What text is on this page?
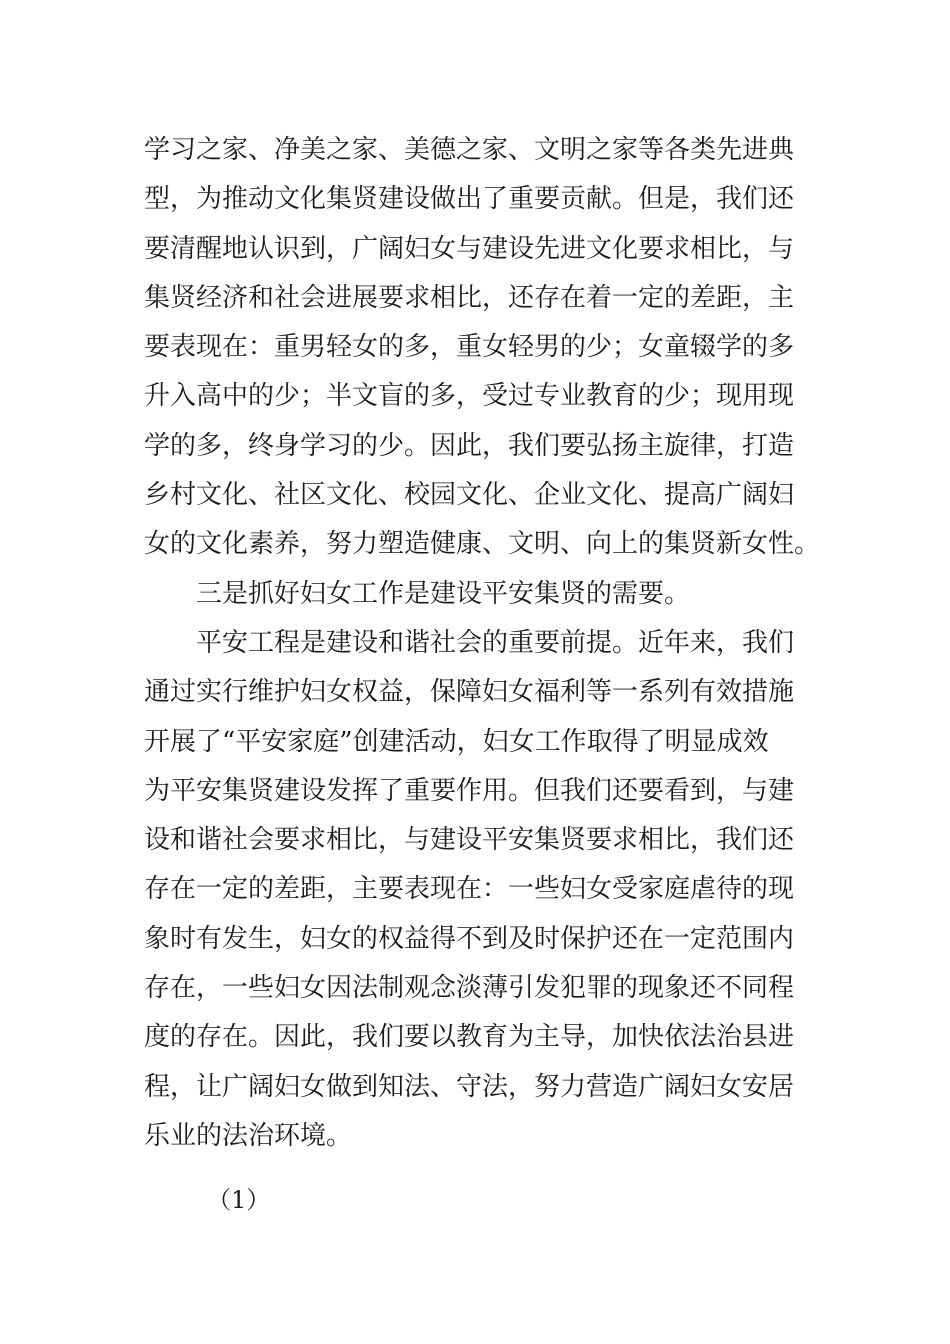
学习之家、净美之家、美德之家、文明之家等各类先进典
型，为推动文化集贤建设做出了重要贡献。但是，我们还
要清醒地认识到，广阔妇女与建设先进文化要求相比，与
集贤经济和社会进展要求相比，还存在着一定的差距，主
要表现在：重男轻女的多，重女轻男的少；女童辍学的多
升入高中的少；半文盲的多，受过专业教育的少；现用现
学的多，终身学习的少。因此，我们要弘扬主旋律，打造
乡村文化、社区文化、校园文化、企业文化、提高广阔妇
女的文化素养，努力塑造健康、文明、向上的集贤新女性。
三是抓好妇女工作是建设平安集贤的需要。
平安工程是建设和谐社会的重要前提。近年来，我们
通过实行维护妇女权益，保障妇女福利等一系列有效措施
开展了“平安家庭”创建活动，妇女工作取得了明显成效
为平安集贤建设发挥了重要作用。但我们还要看到，与建
设和谐社会要求相比，与建设平安集贤要求相比，我们还
存在一定的差距，主要表现在：一些妇女受家庭虐待的现
象时有发生，妇女的权益得不到及时保护还在一定范围内
存在，一些妇女因法制观念淡薄引发犯罪的现象还不同程
度的存在。因此，我们要以教育为主导，加快依法治县进
程，让广阔妇女做到知法、守法，努力营造广阔妇女安居
乐业的法治环境。
（1）
